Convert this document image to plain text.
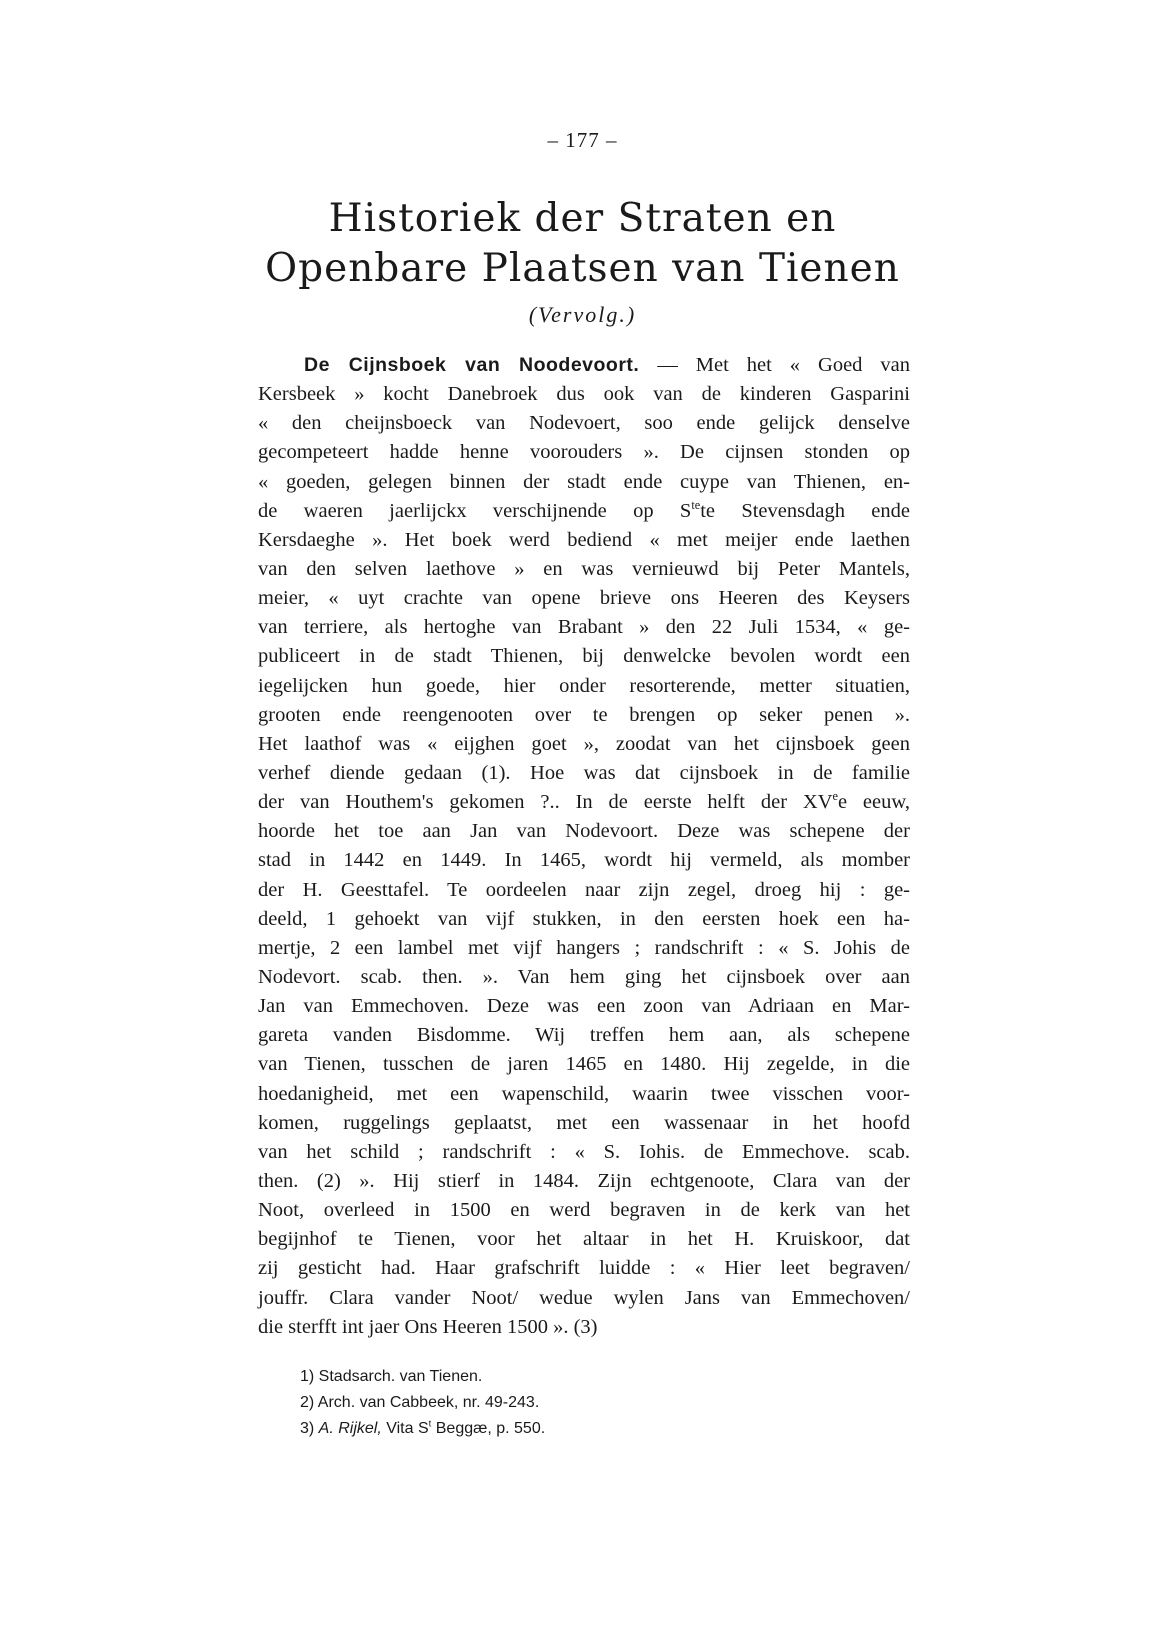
– 177 –
Historiek der Straten en
Openbare Plaatsen van Tienen
(Vervolg.)
De Cijnsboek van Noodevoort. — Met het « Goed van
Kersbeek » kocht Danebroek dus ook van de kinderen Gasparini
« den cheijnsboeck van Nodevoert, soo ende gelijck denselve
gecompeteert hadde henne voorouders ». De cijnsen stonden op
« goeden, gelegen binnen der stadt ende cuype van Thienen, en-
de waeren jaerlijckx verschijnende op $S^{te}te$ Stevensdagh ende
Kersdaeghe ». Het boek werd bediend « met meijer ende laethen
van den selven laethove » en was vernieuwd bij Peter Mantels,
meier, « uyt crachte van opene brieve ons Heeren des Keysers
van terriere, als hertoghe van Brabant » den 22 Juli 1534, « ge-
publiceert in de stadt Thienen, bij denwelcke bevolen wordt een
iegelijcken hun goede, hier onder resorterende, metter situatien,
grooten ende reengenooten over te brengen op seker penen ».
Het laathof was « eijghen goet », zoodat van het cijnsboek geen
verhef diende gedaan (1). Hoe was dat cijnsboek in de familie
der van Houthem's gekomen ?.. In de eerste helft der XVee eeuw,
hoorde het toe aan Jan van Nodevoort. Deze was schepene der
stad in 1442 en 1449. In 1465, wordt hij vermeld, als momber
der H. Geesttafel. Te oordeelen naar zijn zegel, droeg hij : ge-
deeld, 1 gehoekt van vijf stukken, in den eersten hoek een ha-
mertje, 2 een lambel met vijf hangers ; randschrift : « S. Johis de
Nodevort. scab. then. ». Van hem ging het cijnsboek over aan
Jan van Emmechoven. Deze was een zoon van Adriaan en Mar-
gareta vanden Bisdomme. Wij treffen hem aan, als schepene
van Tienen, tusschen de jaren 1465 en 1480. Hij zegelde, in die
hoedanigheid, met een wapenschild, waarin twee visschen voor-
komen, ruggelings geplaatst, met een wassenaar in het hoofd
van het schild ; randschrift : « S. Iohis. de Emmechove. scab.
then. (2) ». Hij stierf in 1484. Zijn echtgenoote, Clara van der
Noot, overleed in 1500 en werd begraven in de kerk van het
begijnhof te Tienen, voor het altaar in het H. Kruiskoor, dat
zij gesticht had. Haar grafschrift luidde : « Hier leet begraven/
jouffr. Clara vander Noot/ wedue wylen Jans van Emmechoven/
die sterfft int jaer Ons Heeren 1500 ». (3)
1) Stadsarch. van Tienen.
2) Arch. van Cabbeek, nr. 49-243.
3) A. Rijkel, Vita $S^t$ Beggæ, p. 550.
